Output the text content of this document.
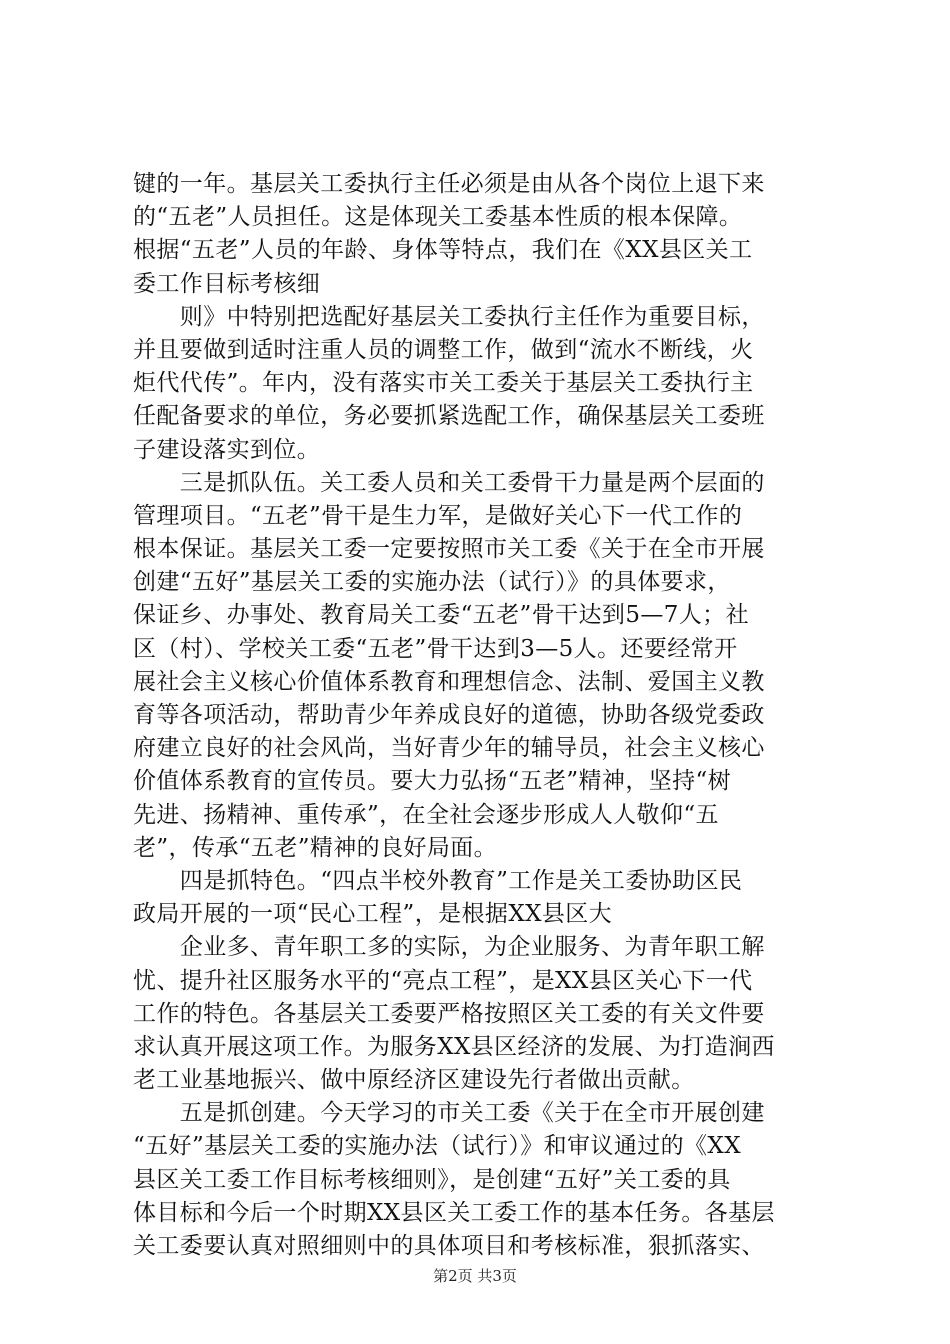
键的一年。基层关工委执行主任必须是由从各个岗位上退下来
的“五老”人员担任。这是体现关工委基本性质的根本保障。
根据“五老”人员的年龄、身体等特点，我们在《XX县区关工
委工作目标考核细
　　则》中特别把选配好基层关工委执行主任作为重要目标，
并且要做到适时注重人员的调整工作，做到“流水不断线，火
炬代代传”。年内，没有落实市关工委关于基层关工委执行主
任配备要求的单位，务必要抓紧选配工作，确保基层关工委班
子建设落实到位。
　　三是抓队伍。关工委人员和关工委骨干力量是两个层面的
管理项目。“五老”骨干是生力军，是做好关心下一代工作的
根本保证。基层关工委一定要按照市关工委《关于在全市开展
创建“五好”基层关工委的实施办法（试行）》的具体要求，
保证乡、办事处、教育局关工委“五老”骨干达到5—7人；社
区（村）、学校关工委“五老”骨干达到3—5人。还要经常开
展社会主义核心价值体系教育和理想信念、法制、爱国主义教
育等各项活动，帮助青少年养成良好的道德，协助各级党委政
府建立良好的社会风尚，当好青少年的辅导员，社会主义核心
价值体系教育的宣传员。要大力弘扬“五老”精神，坚持“树
先进、扬精神、重传承”，在全社会逐步形成人人敬仰“五
老”，传承“五老”精神的良好局面。
　　四是抓特色。“四点半校外教育”工作是关工委协助区民
政局开展的一项“民心工程”，是根据XX县区大
　　企业多、青年职工多的实际，为企业服务、为青年职工解
忧、提升社区服务水平的“亮点工程”，是XX县区关心下一代
工作的特色。各基层关工委要严格按照区关工委的有关文件要
求认真开展这项工作。为服务XX县区经济的发展、为打造涧西
老工业基地振兴、做中原经济区建设先行者做出贡献。
　　五是抓创建。今天学习的市关工委《关于在全市开展创建
“五好”基层关工委的实施办法（试行）》和审议通过的《XX
县区关工委工作目标考核细则》，是创建“五好”关工委的具
体目标和今后一个时期XX县区关工委工作的基本任务。各基层
关工委要认真对照细则中的具体项目和考核标准，狠抓落实、
第2页 共3页
